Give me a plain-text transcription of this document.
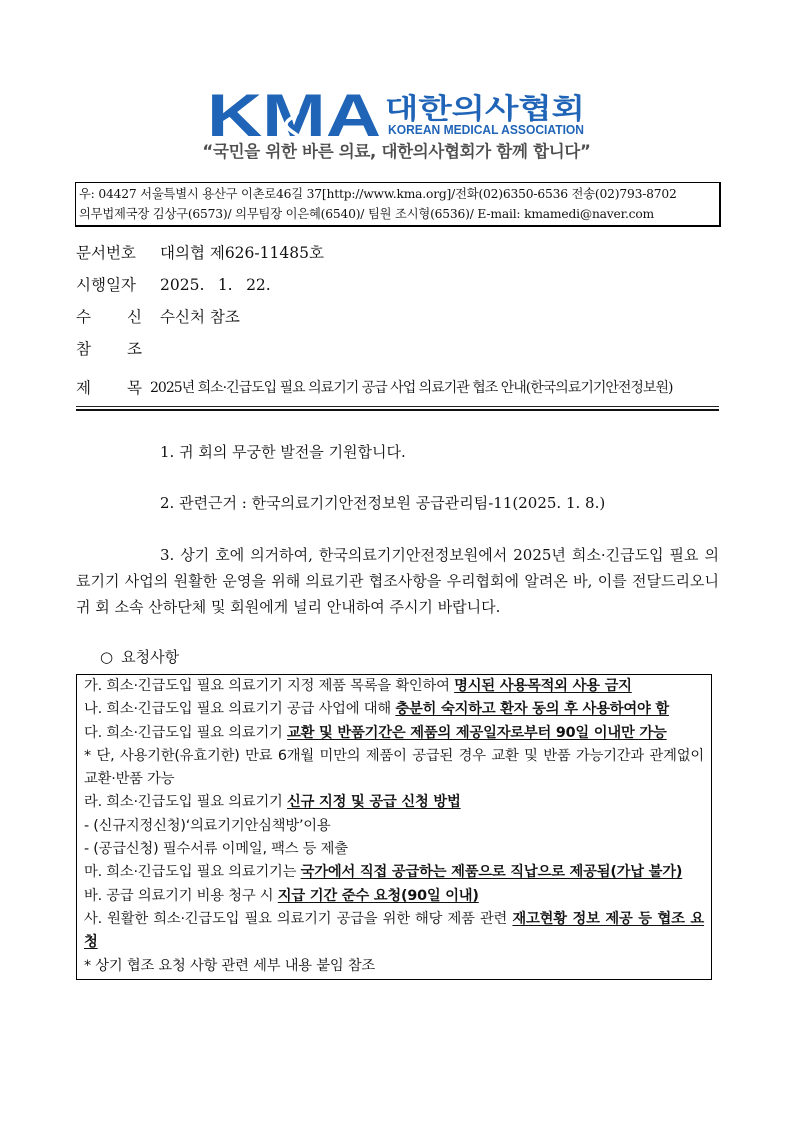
KMA 대한의사협회
KOREAN MEDICAL ASSOCIATION
“국민을 위한 바른 의료, 대한의사협회가 함께 합니다”
우: 04427 서울특별시 용산구 이촌로46길 37[http://www.kma.org]/전화(02)6350-6536 전송(02)793-8702
의무법제국장 김상구(6573)/ 의무팀장 이은혜(6540)/ 팀원 조시형(6536)/ E-mail: kmamedi@naver.com
문서번호	대의협 제626-11485호
시행일자	2025. 1. 22.
수 신 수신처 참조
참 조
제 목 2025년 희소·긴급도입 필요 의료기기 공급 사업 의료기관 협조 안내(한국의료기기안전정보원)

1. 귀 회의 무궁한 발전을 기원합니다.

2. 관련근거 : 한국의료기기안전정보원 공급관리팀-11(2025. 1. 8.)

3. 상기 호에 의거하여, 한국의료기기안전정보원에서 2025년 희소·긴급도입 필요 의료기기 사업의 원활한 운영을 위해 의료기관 협조사항을 우리협회에 알려온 바, 이를 전달드리오니 귀 회 소속 산하단체 및 회원에게 널리 안내하여 주시기 바랍니다.

○ 요청사항
가. 희소·긴급도입 필요 의료기기 지정 제품 목록을 확인하여 명시된 사용목적외 사용 금지
나. 희소·긴급도입 필요 의료기기 공급 사업에 대해 충분히 숙지하고 환자 동의 후 사용하여야 함
다. 희소·긴급도입 필요 의료기기 교환 및 반품기간은 제품의 제공일자로부터 90일 이내만 가능
* 단, 사용기한(유효기한) 만료 6개월 미만의 제품이 공급된 경우 교환 및 반품 가능기간과 관계없이 교환·반품 가능
라. 희소·긴급도입 필요 의료기기 신규 지정 및 공급 신청 방법
- (신규지정신청)‘의료기기안심책방’이용
- (공급신청) 필수서류 이메일, 팩스 등 제출
마. 희소·긴급도입 필요 의료기기는 국가에서 직접 공급하는 제품으로 직납으로 제공됨(가납 불가)
바. 공급 의료기기 비용 청구 시 지급 기간 준수 요청(90일 이내)
사. 원활한 희소·긴급도입 필요 의료기기 공급을 위한 해당 제품 관련 재고현황 정보 제공 등 협조 요청
* 상기 협조 요청 사항 관련 세부 내용 붙임 참조
